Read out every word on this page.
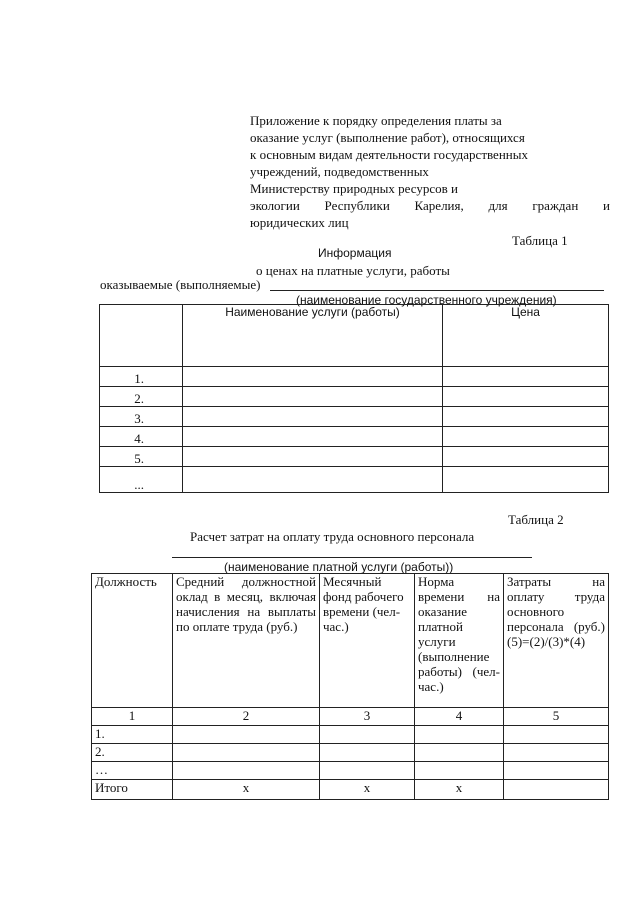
Приложение к порядку определения платы за
оказание услуг (выполнение работ), относящихся
к основным видам деятельности государственных
учреждений, подведомственных
Министерству природных ресурсов и
экологии Республики Карелия, для граждан и
юридических лиц
Таблица 1
Информация
о ценах на платные услуги, работы
оказываемые (выполняемые)
(наименование государственного учреждения)
	Наименование услуги (работы)	Цена
1.		
2.		
3.		
4.		
5.		
...		
Таблица 2
Расчет затрат на оплату труда основного персонала
(наименование платной услуги (работы))
Должность	Средний должностной оклад в месяц, включая начисления на выплаты по оплате труда (руб.)	Месячный фонд рабочего времени (чел-час.)	Норма времени на оказание платной услуги (выполнение работы) (чел-час.)	Затраты на оплату труда основного персонала (руб.) (5)=(2)/(3)*(4)
1	2	3	4	5
1.				
2.				
…				
Итого	x	x	x	
